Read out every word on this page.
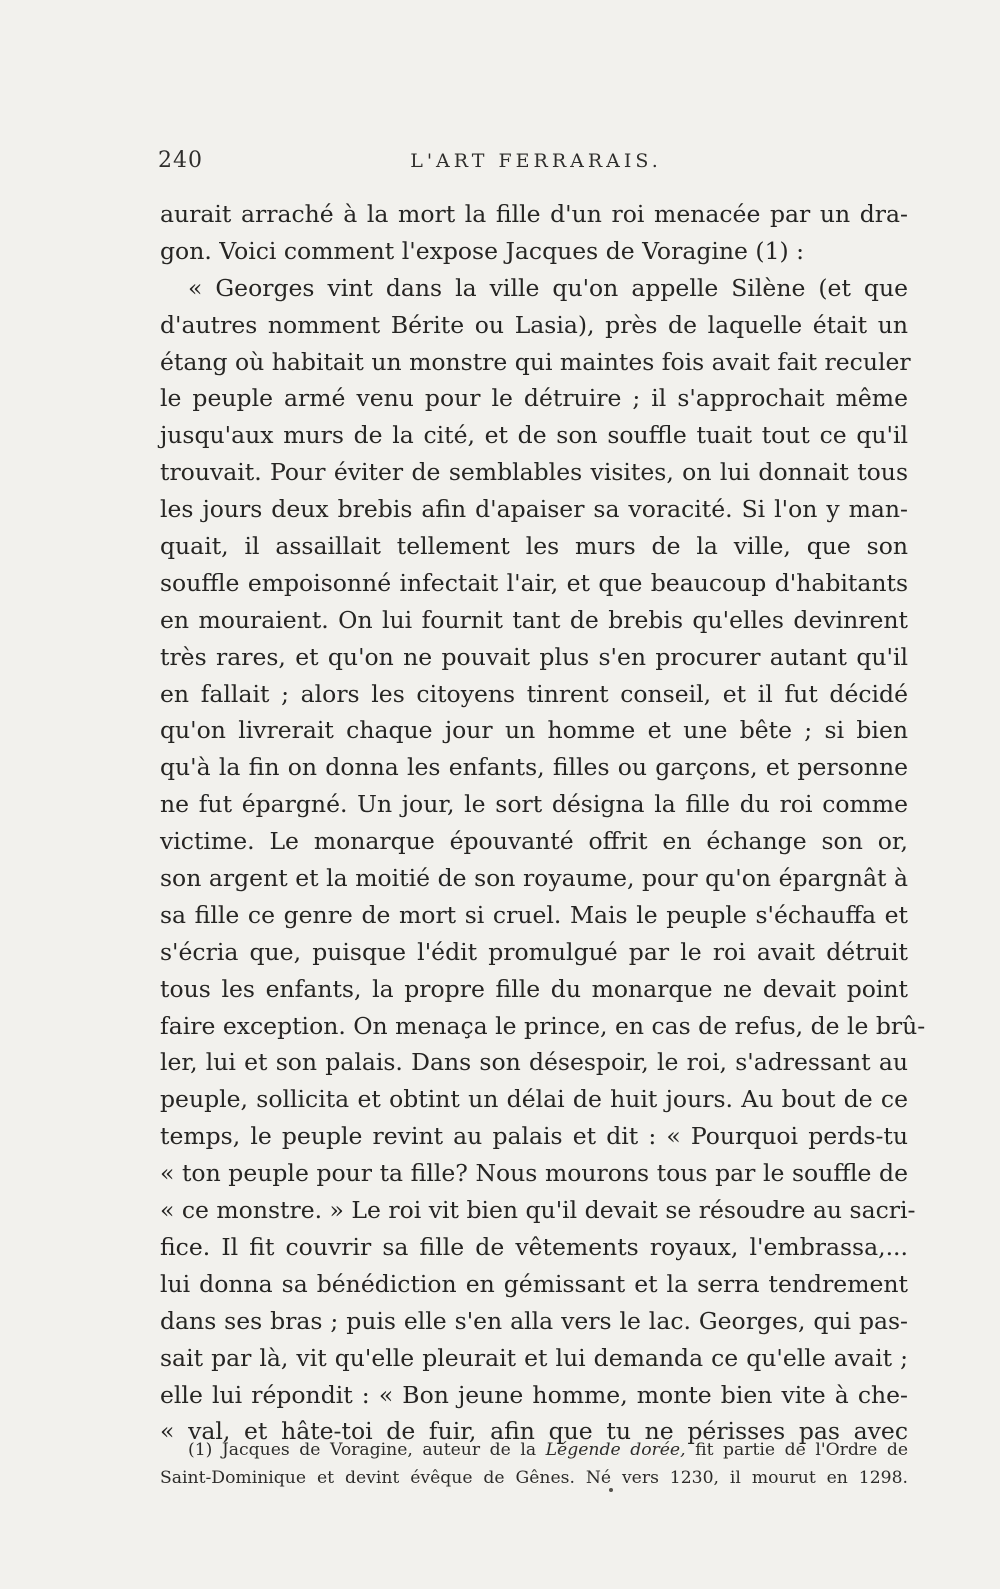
240	L'ART FERRARAIS.
aurait arraché à la mort la fille d'un roi menacée par un dra-
gon. Voici comment l'expose Jacques de Voragine (1) :
« Georges vint dans la ville qu'on appelle Silène (et que
d'autres nomment Bérite ou Lasia), près de laquelle était un
étang où habitait un monstre qui maintes fois avait fait reculer
le peuple armé venu pour le détruire ; il s'approchait même
jusqu'aux murs de la cité, et de son souffle tuait tout ce qu'il
trouvait. Pour éviter de semblables visites, on lui donnait tous
les jours deux brebis afin d'apaiser sa voracité. Si l'on y man-
quait, il assaillait tellement les murs de la ville, que son
souffle empoisonné infectait l'air, et que beaucoup d'habitants
en mouraient. On lui fournit tant de brebis qu'elles devinrent
très rares, et qu'on ne pouvait plus s'en procurer autant qu'il
en fallait ; alors les citoyens tinrent conseil, et il fut décidé
qu'on livrerait chaque jour un homme et une bête ; si bien
qu'à la fin on donna les enfants, filles ou garçons, et personne
ne fut épargné. Un jour, le sort désigna la fille du roi comme
victime. Le monarque épouvanté offrit en échange son or,
son argent et la moitié de son royaume, pour qu'on épargnât à
sa fille ce genre de mort si cruel. Mais le peuple s'échauffa et
s'écria que, puisque l'édit promulgué par le roi avait détruit
tous les enfants, la propre fille du monarque ne devait point
faire exception. On menaça le prince, en cas de refus, de le brû-
ler, lui et son palais. Dans son désespoir, le roi, s'adressant au
peuple, sollicita et obtint un délai de huit jours. Au bout de ce
temps, le peuple revint au palais et dit : « Pourquoi perds-tu
« ton peuple pour ta fille? Nous mourons tous par le souffle de
« ce monstre. » Le roi vit bien qu'il devait se résoudre au sacri-
fice. Il fit couvrir sa fille de vêtements royaux, l'embrassa,...
lui donna sa bénédiction en gémissant et la serra tendrement
dans ses bras ; puis elle s'en alla vers le lac. Georges, qui pas-
sait par là, vit qu'elle pleurait et lui demanda ce qu'elle avait ;
elle lui répondit : « Bon jeune homme, monte bien vite à che-
« val, et hâte-toi de fuir, afin que tu ne périsses pas avec
(1) Jacques de Voragine, auteur de la Légende dorée, fit partie de l'Ordre de
Saint-Dominique et devint évêque de Gênes. Né vers 1230, il mourut en 1298.
